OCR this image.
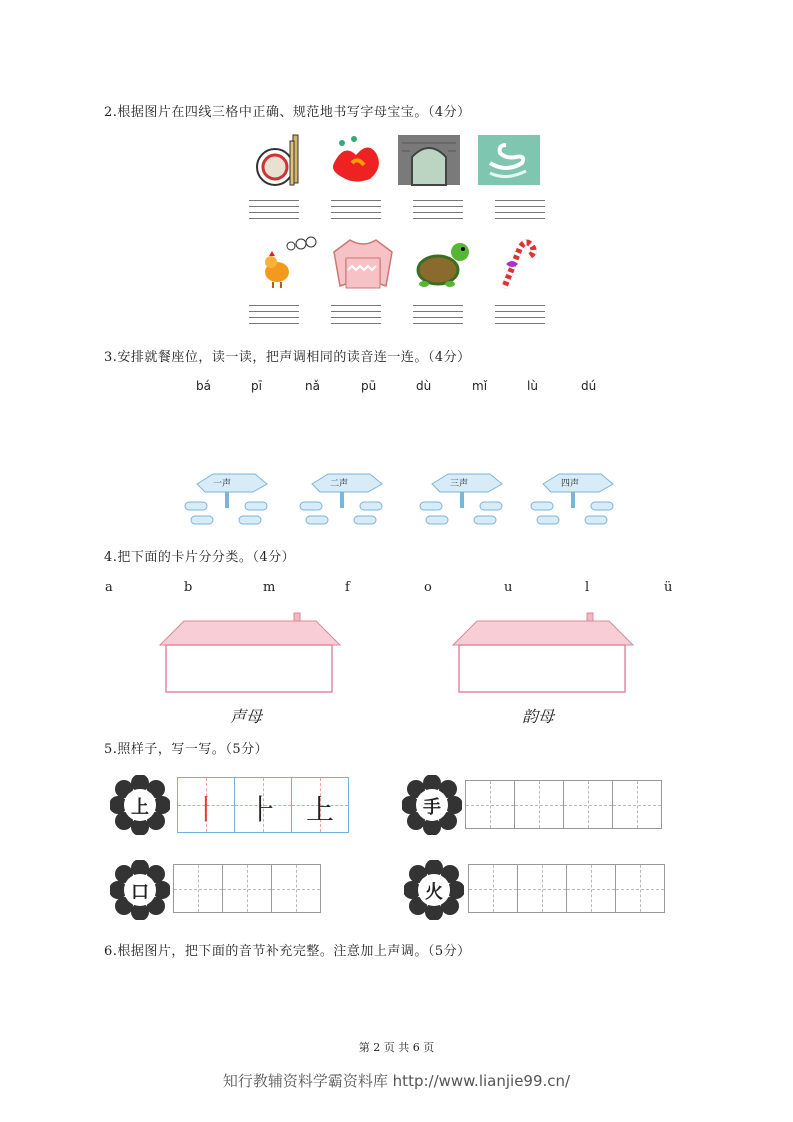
2.根据图片在四线三格中正确、规范地书写字母宝宝。（4分）
3.安排就餐座位，读一读，把声调相同的读音连一连。（4分）
bá	pī	nǎ	pū	dù	mǐ	lù	dú
一声	二声	三声	四声
4.把下面的卡片分分类。（4分）
a	b	m	f	o	u	l	ü
声母	韵母
5.照样子，写一写。（5分）
上	丨	⺊	上	手
口	火
6.根据图片，把下面的音节补充完整。注意加上声调。（5分）
第 2 页 共 6 页
知行教辅资料学霸资料库 http://www.lianjie99.cn/
